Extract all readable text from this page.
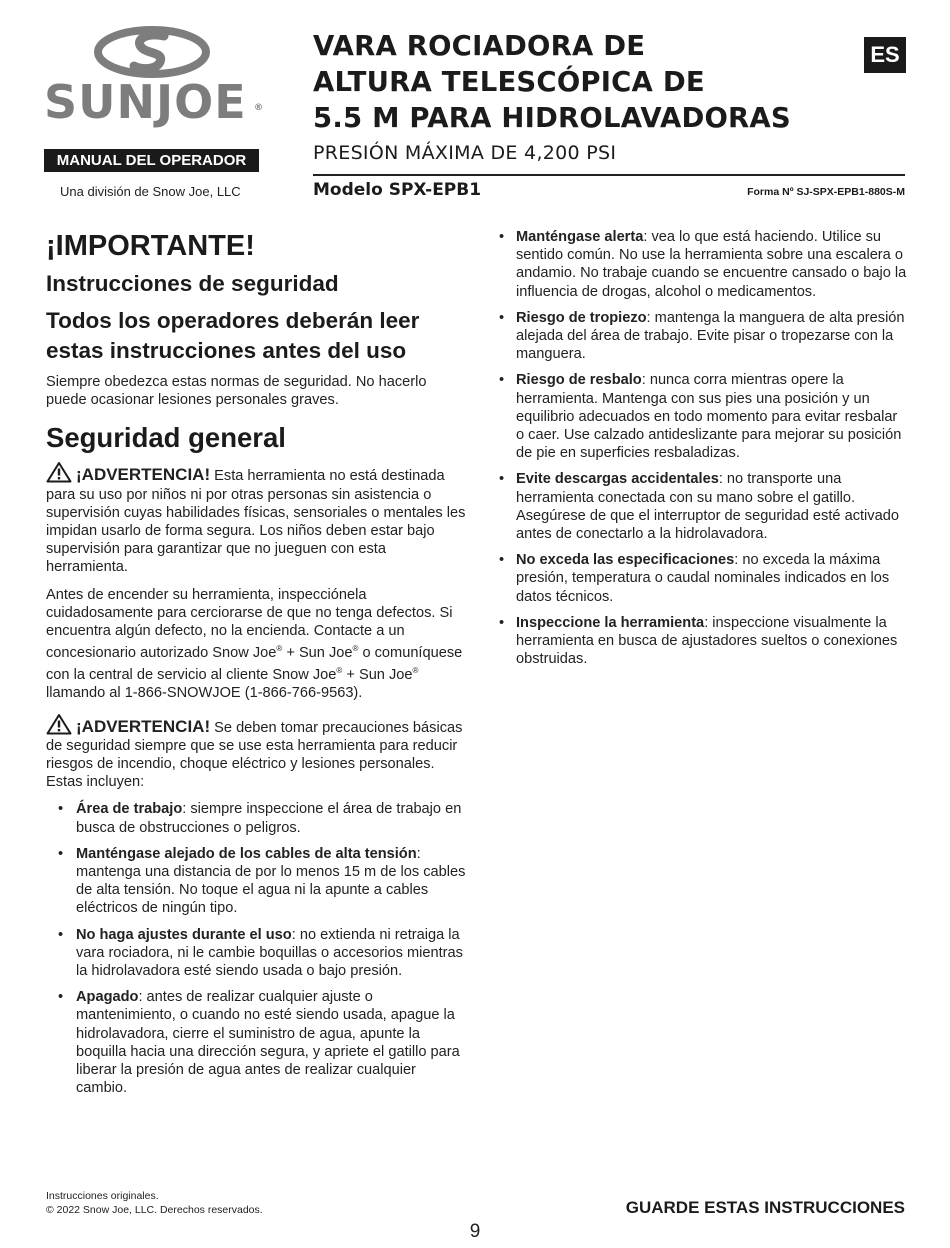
SUNJOE ®
MANUAL DEL OPERADOR
Una división de Snow Joe, LLC
VARA ROCIADORA DE
ALTURA TELESCÓPICA DE
5.5 M PARA HIDROLAVADORAS
PRESIÓN MÁXIMA DE 4,200 PSI
ES
Modelo SPX-EPB1	Forma Nº SJ-SPX-EPB1-880S-M
¡IMPORTANTE!
Instrucciones de seguridad
Todos los operadores deberán leer estas instrucciones antes del uso

Siempre obedezca estas normas de seguridad. No hacerlo puede ocasionar lesiones personales graves.

Seguridad general

¡ADVERTENCIA! Esta herramienta no está destinada para su uso por niños ni por otras personas sin asistencia o supervisión cuyas habilidades físicas, sensoriales o mentales les impidan usarlo de forma segura. Los niños deben estar bajo supervisión para garantizar que no jueguen con esta herramienta.

Antes de encender su herramienta, inspecciónela cuidadosamente para cerciorarse de que no tenga defectos. Si encuentra algún defecto, no la encienda. Contacte a un concesionario autorizado Snow Joe® + Sun Joe® o comuníquese con la central de servicio al cliente Snow Joe® + Sun Joe® llamando al 1-866-SNOWJOE (1-866-766-9563).

¡ADVERTENCIA! Se deben tomar precauciones básicas de seguridad siempre que se use esta herramienta para reducir riesgos de incendio, choque eléctrico y lesiones personales. Estas incluyen:

• Área de trabajo: siempre inspeccione el área de trabajo en busca de obstrucciones o peligros.
• Manténgase alejado de los cables de alta tensión: mantenga una distancia de por lo menos 15 m de los cables de alta tensión. No toque el agua ni la apunte a cables eléctricos de ningún tipo.
• No haga ajustes durante el uso: no extienda ni retraiga la vara rociadora, ni le cambie boquillas o accesorios mientras la hidrolavadora esté siendo usada o bajo presión.
• Apagado: antes de realizar cualquier ajuste o mantenimiento, o cuando no esté siendo usada, apague la hidrolavadora, cierre el suministro de agua, apunte la boquilla hacia una dirección segura, y apriete el gatillo para liberar la presión de agua antes de realizar cualquier cambio.
• Manténgase alerta: vea lo que está haciendo. Utilice su sentido común. No use la herramienta sobre una escalera o andamio. No trabaje cuando se encuentre cansado o bajo la influencia de drogas, alcohol o medicamentos.
• Riesgo de tropiezo: mantenga la manguera de alta presión alejada del área de trabajo. Evite pisar o tropezarse con la manguera.
• Riesgo de resbalo: nunca corra mientras opere la herramienta. Mantenga con sus pies una posición y un equilibrio adecuados en todo momento para evitar resbalar o caer. Use calzado antideslizante para mejorar su posición de pie en superficies resbaladizas.
• Evite descargas accidentales: no transporte una herramienta conectada con su mano sobre el gatillo. Asegúrese de que el interruptor de seguridad esté activado antes de conectarlo a la hidrolavadora.
• No exceda las especificaciones: no exceda la máxima presión, temperatura o caudal nominales indicados en los datos técnicos.
• Inspeccione la herramienta: inspeccione visualmente la herramienta en busca de ajustadores sueltos o conexiones obstruidas.
Instrucciones originales.
© 2022 Snow Joe, LLC. Derechos reservados.	GUARDE ESTAS INSTRUCCIONES
9
